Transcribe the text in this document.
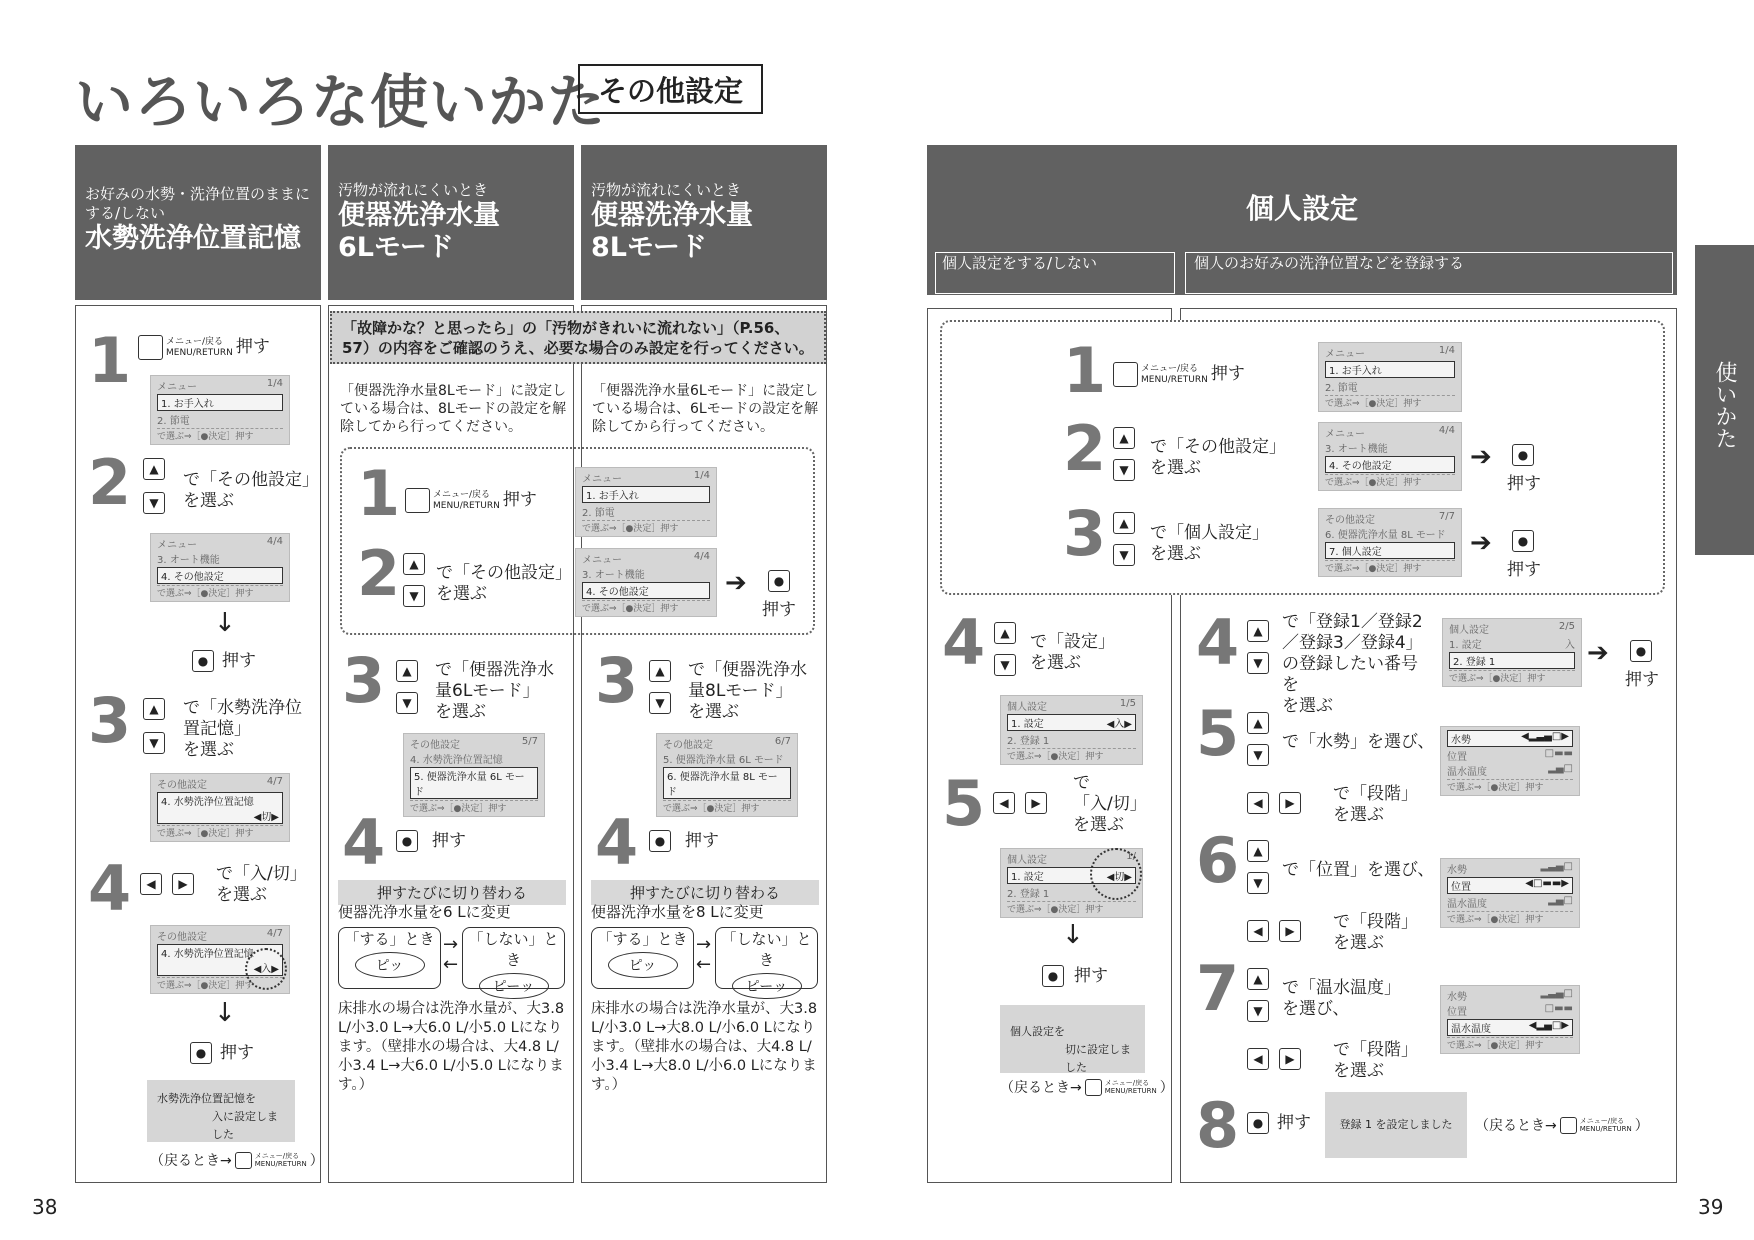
いろいろな使いかた
その他設定
お好みの水勢・洗浄位置のままにする/しない
水勢洗浄位置記憶
汚物が流れにくいとき
便器洗浄水量
6Lモード
汚物が流れにくいとき
便器洗浄水量
8Lモード
1	メニュー/戻る
MENU/RETURN 押す
メニュー	1/4
1. お手入れ
2. 節電
で選ぶ⇒［●決定］押す
2	▲
▼
で「その他設定」
を選ぶ
メニュー	4/4
3. オート機能
4. その他設定
で選ぶ⇒［●決定］押す
↓
● 押す
3	▲
▼
で「水勢洗浄位置記憶」
を選ぶ
その他設定	4/7
4. 水勢洗浄位置記憶
◀切▶
で選ぶ⇒［●決定］押す
4	◀	▶	で「入/切」
を選ぶ
その他設定	4/7
4. 水勢洗浄位置記憶
◀入▶
で選ぶ⇒［●決定］押す
↓
● 押す
水勢洗浄位置記憶を
入に設定しました
（戻るとき→	メニュー/戻る
MENU/RETURN ）
「故障かな？と思ったら」の「汚物がきれいに流れない」（P.56、57）の内容をご確認のうえ、必要な場合のみ設定を行ってください。
「便器洗浄水量8Lモード」に設定している場合は、8Lモードの設定を解除してから行ってください。
「便器洗浄水量6Lモード」に設定している場合は、6Lモードの設定を解除してから行ってください。
1	メニュー/戻る
MENU/RETURN 押す
メニュー	1/4
1. お手入れ
2. 節電
で選ぶ⇒［●決定］押す
2 ▲
▼
で「その他設定」
を選ぶ
メニュー	4/4
3. オート機能
4. その他設定
で選ぶ⇒［●決定］押す
➔	●
押す
3	▲
▼
で「便器洗浄水量6Lモード」
を選ぶ
その他設定	5/7
4. 水勢洗浄位置記憶
5. 便器洗浄水量 6L モード
で選ぶ⇒［●決定］押す
4	●	押す
押すたびに切り替わる
便器洗浄水量を6 Lに変更
「する」とき
ピッ
→
←
「しない」とき
ピーッ
床排水の場合は洗浄水量が、大3.8 L/小3.0 L→大6.0 L/小5.0 Lになります。（壁排水の場合は、大4.8 L/小3.4 L→大6.0 L/小5.0 Lになります。）
3	▲
▼
で「便器洗浄水量8Lモード」
を選ぶ
その他設定	6/7
5. 便器洗浄水量 6L モード
6. 便器洗浄水量 8L モード
で選ぶ⇒［●決定］押す
4	●	押す
押すたびに切り替わる
便器洗浄水量を8 Lに変更
「する」とき
ピッ
→
←
「しない」とき
ピーッ
床排水の場合は洗浄水量が、大3.8 L/小3.0 L→大8.0 L/小6.0 Lになります。（壁排水の場合は、大4.8 L/小3.4 L→大8.0 L/小6.0 Lになります。）
38
個人設定
個人設定をする/しない	個人のお好みの洗浄位置などを登録する
1	メニュー/戻る
MENU/RETURN 押す
メニュー	1/4
1. お手入れ
2. 節電
で選ぶ⇒［●決定］押す
2	▲
▼
で「その他設定」
を選ぶ
メニュー	4/4
3. オート機能
4. その他設定
で選ぶ⇒［●決定］押す
➔	●
押す
3	▲
▼
で「個人設定」
を選ぶ
その他設定	7/7
6. 便器洗浄水量 8L モード
7. 個人設定
で選ぶ⇒［●決定］押す
➔	●
押す
4	▲
▼
で「設定」
を選ぶ
個人設定	1/5
1. 設定	◀入▶
2. 登録 1
で選ぶ⇒［●決定］押す
5	◀	▶
で
「入/切」
を選ぶ
個人設定	1/
1. 設定	◀切▶
2. 登録 1
で選ぶ⇒［●決定］押す
↓
● 押す
個人設定を
切に設定しました
（戻るとき→	メニュー/戻る
MENU/RETURN ）
4	▲
▼
で「登録1／登録2／登録3／登録4」の登録したい番号を
を選ぶ
個人設定	2/5
1. 設定	入
2. 登録 1
で選ぶ⇒［●決定］押す
➔	●
押す
5	▲
▼
で「水勢」を選び、
◀	▶	で「段階」
を選ぶ
水勢	◀▂▃▄□▶
位置	□▬▬
温水温度	▂▄□
で選ぶ⇒［●決定］押す
6	▲
▼
で「位置」を選び、
◀	▶	で「段階」
を選ぶ
水勢	▂▃▄□
位置	◀□▬▬▶
温水温度	▂▄□
で選ぶ⇒［●決定］押す
7	▲
▼
で「温水温度」
を選び、
◀	▶	で「段階」
を選ぶ
水勢	▂▃▄□
位置	□▬▬
温水温度	◀▂▄□▶
で選ぶ⇒［●決定］押す
8	● 押す	登録 1 を設定しました	（戻るとき→	メニュー/戻る
MENU/RETURN ）
使いかた
39
